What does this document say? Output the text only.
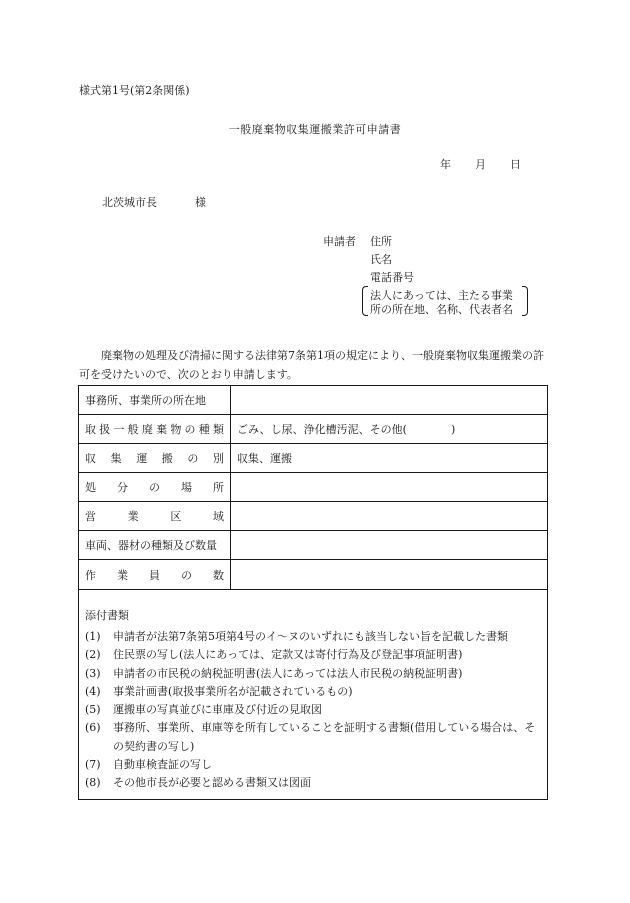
様式第1号(第2条関係)
一般廃棄物収集運搬業許可申請書
年	月	日
北茨城市長	様
申請者 住所
氏名
電話番号
法人にあっては、主たる事業
所の所在地、名称、代表者名
廃棄物の処理及び清掃に関する法律第7条第1項の規定により、一般廃棄物収集運搬業の許可を受けたいので、次のとおり申請します。
事務所、事業所の所在地
取扱一般廃棄物の種類	ごみ、し尿、浄化槽汚泥、その他(　　　　)
収集運搬の別	収集、運搬
処分の場所
営業区域
車両、器材の種類及び数量
作業員の数
添付書類
(1)	申請者が法第7条第5項第4号のイ～ヌのいずれにも該当しない旨を記載した書類
(2)	住民票の写し(法人にあっては、定款又は寄付行為及び登記事項証明書)
(3)	申請者の市民税の納税証明書(法人にあっては法人市民税の納税証明書)
(4)	事業計画書(取扱事業所名が記載されているもの)
(5)	運搬車の写真並びに車庫及び付近の見取図
(6)	事務所、事業所、車庫等を所有していることを証明する書類(借用している場合は、その契約書の写し)
(7)	自動車検査証の写し
(8)	その他市長が必要と認める書類又は図面
